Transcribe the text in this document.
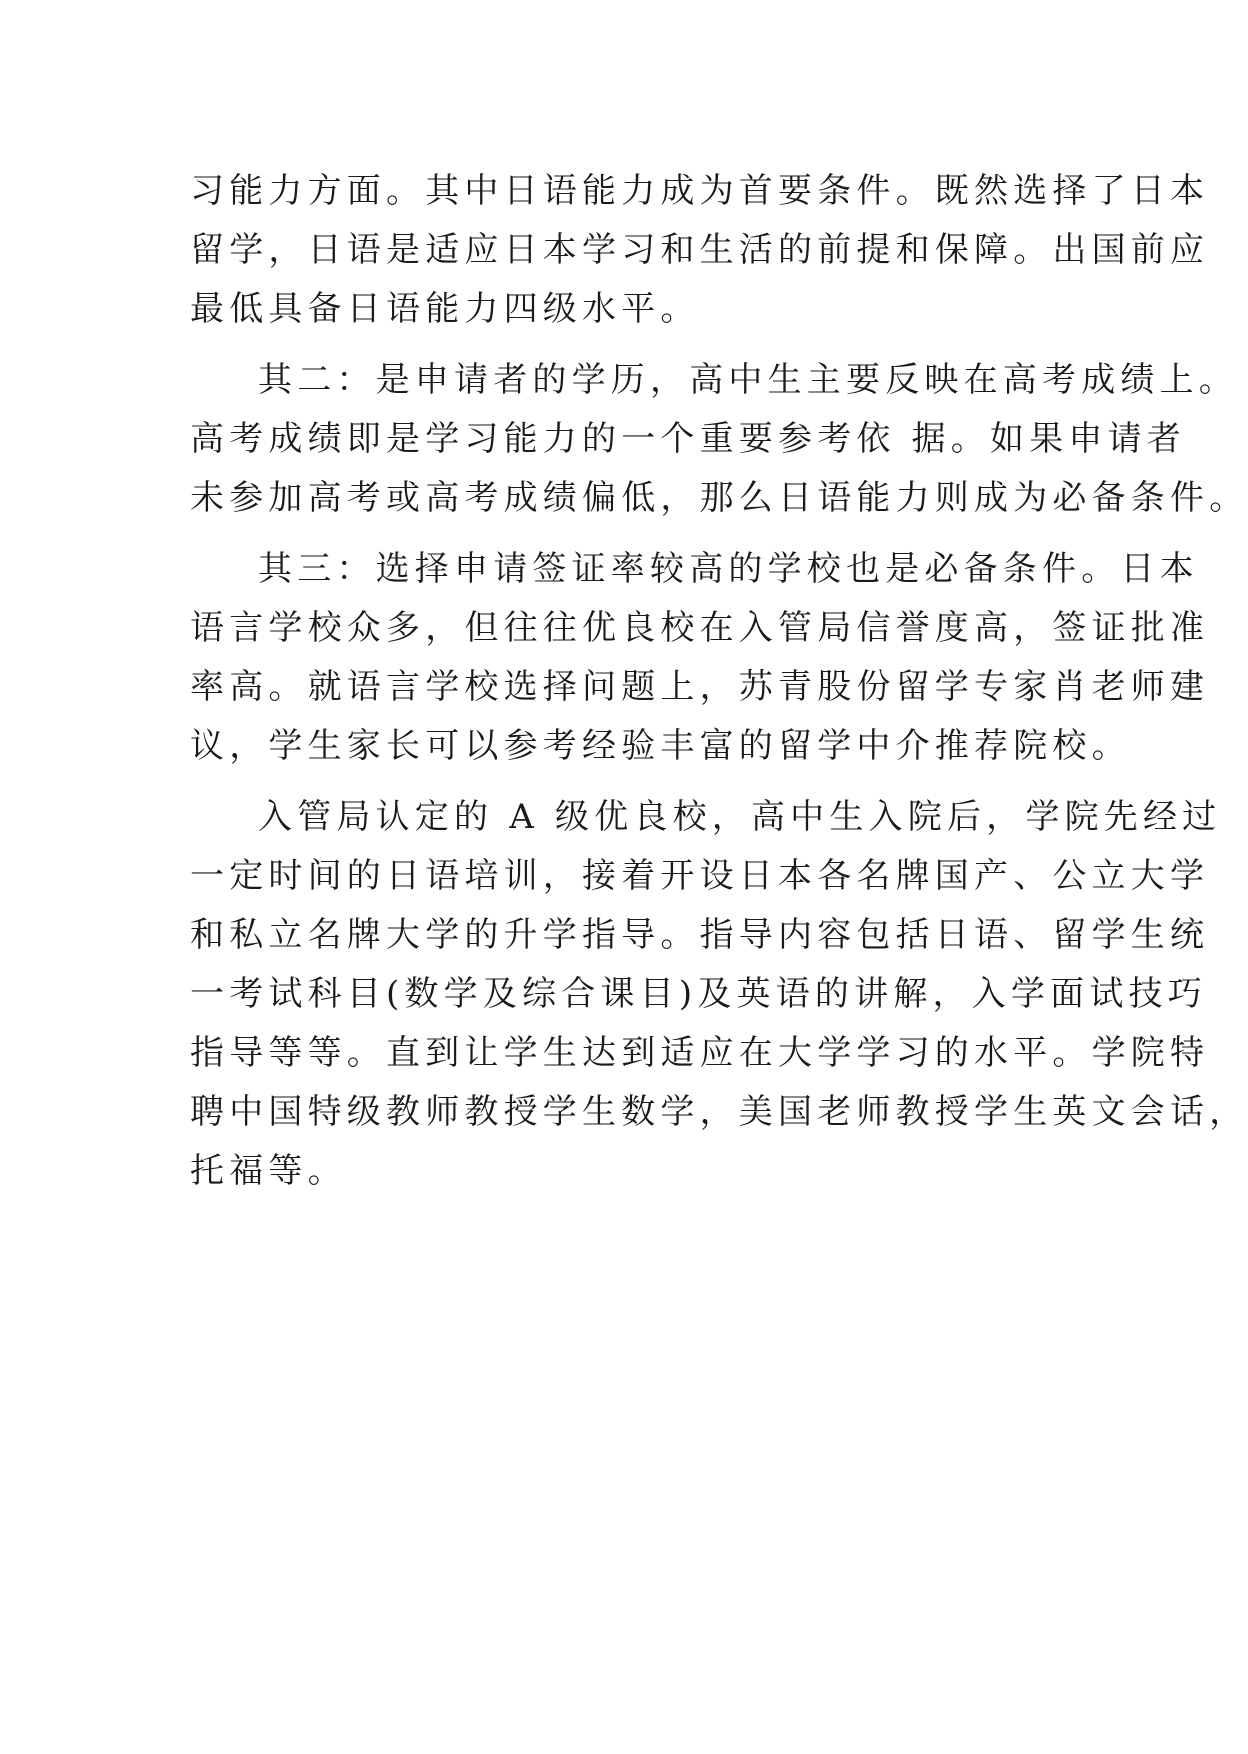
习能力方面。其中日语能力成为首要条件。既然选择了日本
留学，日语是适应日本学习和生活的前提和保障。出国前应
最低具备日语能力四级水平。
其二：是申请者的学历，高中生主要反映在高考成绩上。
高考成绩即是学习能力的一个重要参考依 据。如果申请者
未参加高考或高考成绩偏低，那么日语能力则成为必备条件。
其三：选择申请签证率较高的学校也是必备条件。日本
语言学校众多，但往往优良校在入管局信誉度高，签证批准
率高。就语言学校选择问题上，苏青股份留学专家肖老师建
议，学生家长可以参考经验丰富的留学中介推荐院校。
入管局认定的 A 级优良校，高中生入院后，学院先经过
一定时间的日语培训，接着开设日本各名牌国产、公立大学
和私立名牌大学的升学指导。指导内容包括日语、留学生统
一考试科目(数学及综合课目)及英语的讲解，入学面试技巧
指导等等。直到让学生达到适应在大学学习的水平。学院特
聘中国特级教师教授学生数学，美国老师教授学生英文会话，
托福等。
